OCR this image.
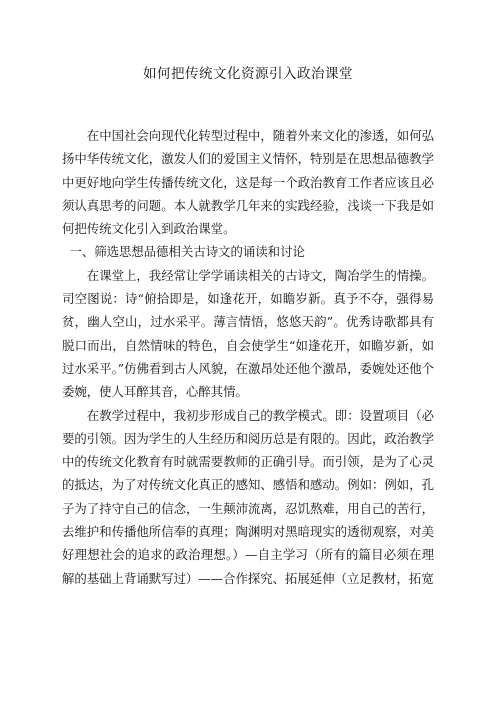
如何把传统文化资源引入政治课堂

在中国社会向现代化转型过程中，随着外来文化的渗透，如何弘扬中华传统文化，激发人们的爱国主义情怀，特别是在思想品德教学中更好地向学生传播传统文化，这是每一个政治教育工作者应该且必须认真思考的问题。本人就教学几年来的实践经验，浅谈一下我是如何把传统文化引入到政治课堂。

一、筛选思想品德相关古诗文的诵读和讨论

在课堂上，我经常让学学诵读相关的古诗文，陶冶学生的情操。司空图说：诗“俯拾即是，如逢花开，如瞻岁新。真予不夺，强得易贫，幽人空山，过水采平。薄言情悟，悠悠天韵”。优秀诗歌都具有脱口而出，自然情味的特色，自会使学生“如逢花开，如瞻岁新，如过水采平。”仿佛看到古人风貌，在激昂处还他个激昂，委婉处还他个委婉，使人耳醉其音，心醉其情。

在教学过程中，我初步形成自己的教学模式。即：设置项目（必要的引领。因为学生的人生经历和阅历总是有限的。因此，政治教学中的传统文化教育有时就需要教师的正确引导。而引领，是为了心灵的抵达，为了对传统文化真正的感知、感悟和感动。例如：例如，孔子为了持守自己的信念，一生颠沛流离，忍饥熬难，用自己的苦行，去维护和传播他所信奉的真理；陶渊明对黑暗现实的透彻观察，对美好理想社会的追求的政治理想。）—自主学习（所有的篇目必须在理解的基础上背诵默写过）——合作探究、拓展延伸（立足教材，拓宽
